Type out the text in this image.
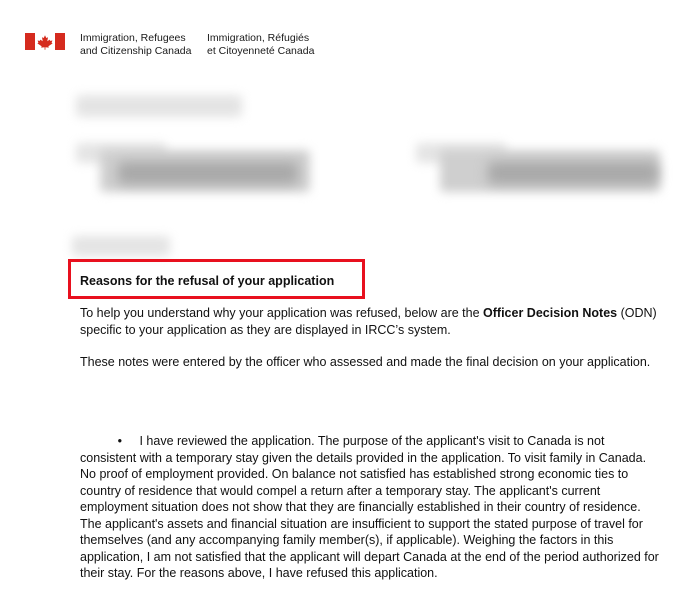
Immigration, Refugees
and Citizenship Canada
Immigration, Réfugiés
et Citoyenneté Canada
Reasons for the refusal of your application
To help you understand why your application was refused, below are the Officer Decision Notes (ODN) specific to your application as they are displayed in IRCC’s system.
These notes were entered by the officer who assessed and made the final decision on your application.
• I have reviewed the application. The purpose of the applicant's visit to Canada is not consistent with a temporary stay given the details provided in the application. To visit family in Canada. No proof of employment provided. On balance not satisfied has established strong economic ties to country of residence that would compel a return after a temporary stay. The applicant's current employment situation does not show that they are financially established in their country of residence. The applicant's assets and financial situation are insufficient to support the stated purpose of travel for themselves (and any accompanying family member(s), if applicable). Weighing the factors in this application, I am not satisfied that the applicant will depart Canada at the end of the period authorized for their stay. For the reasons above, I have refused this application.
